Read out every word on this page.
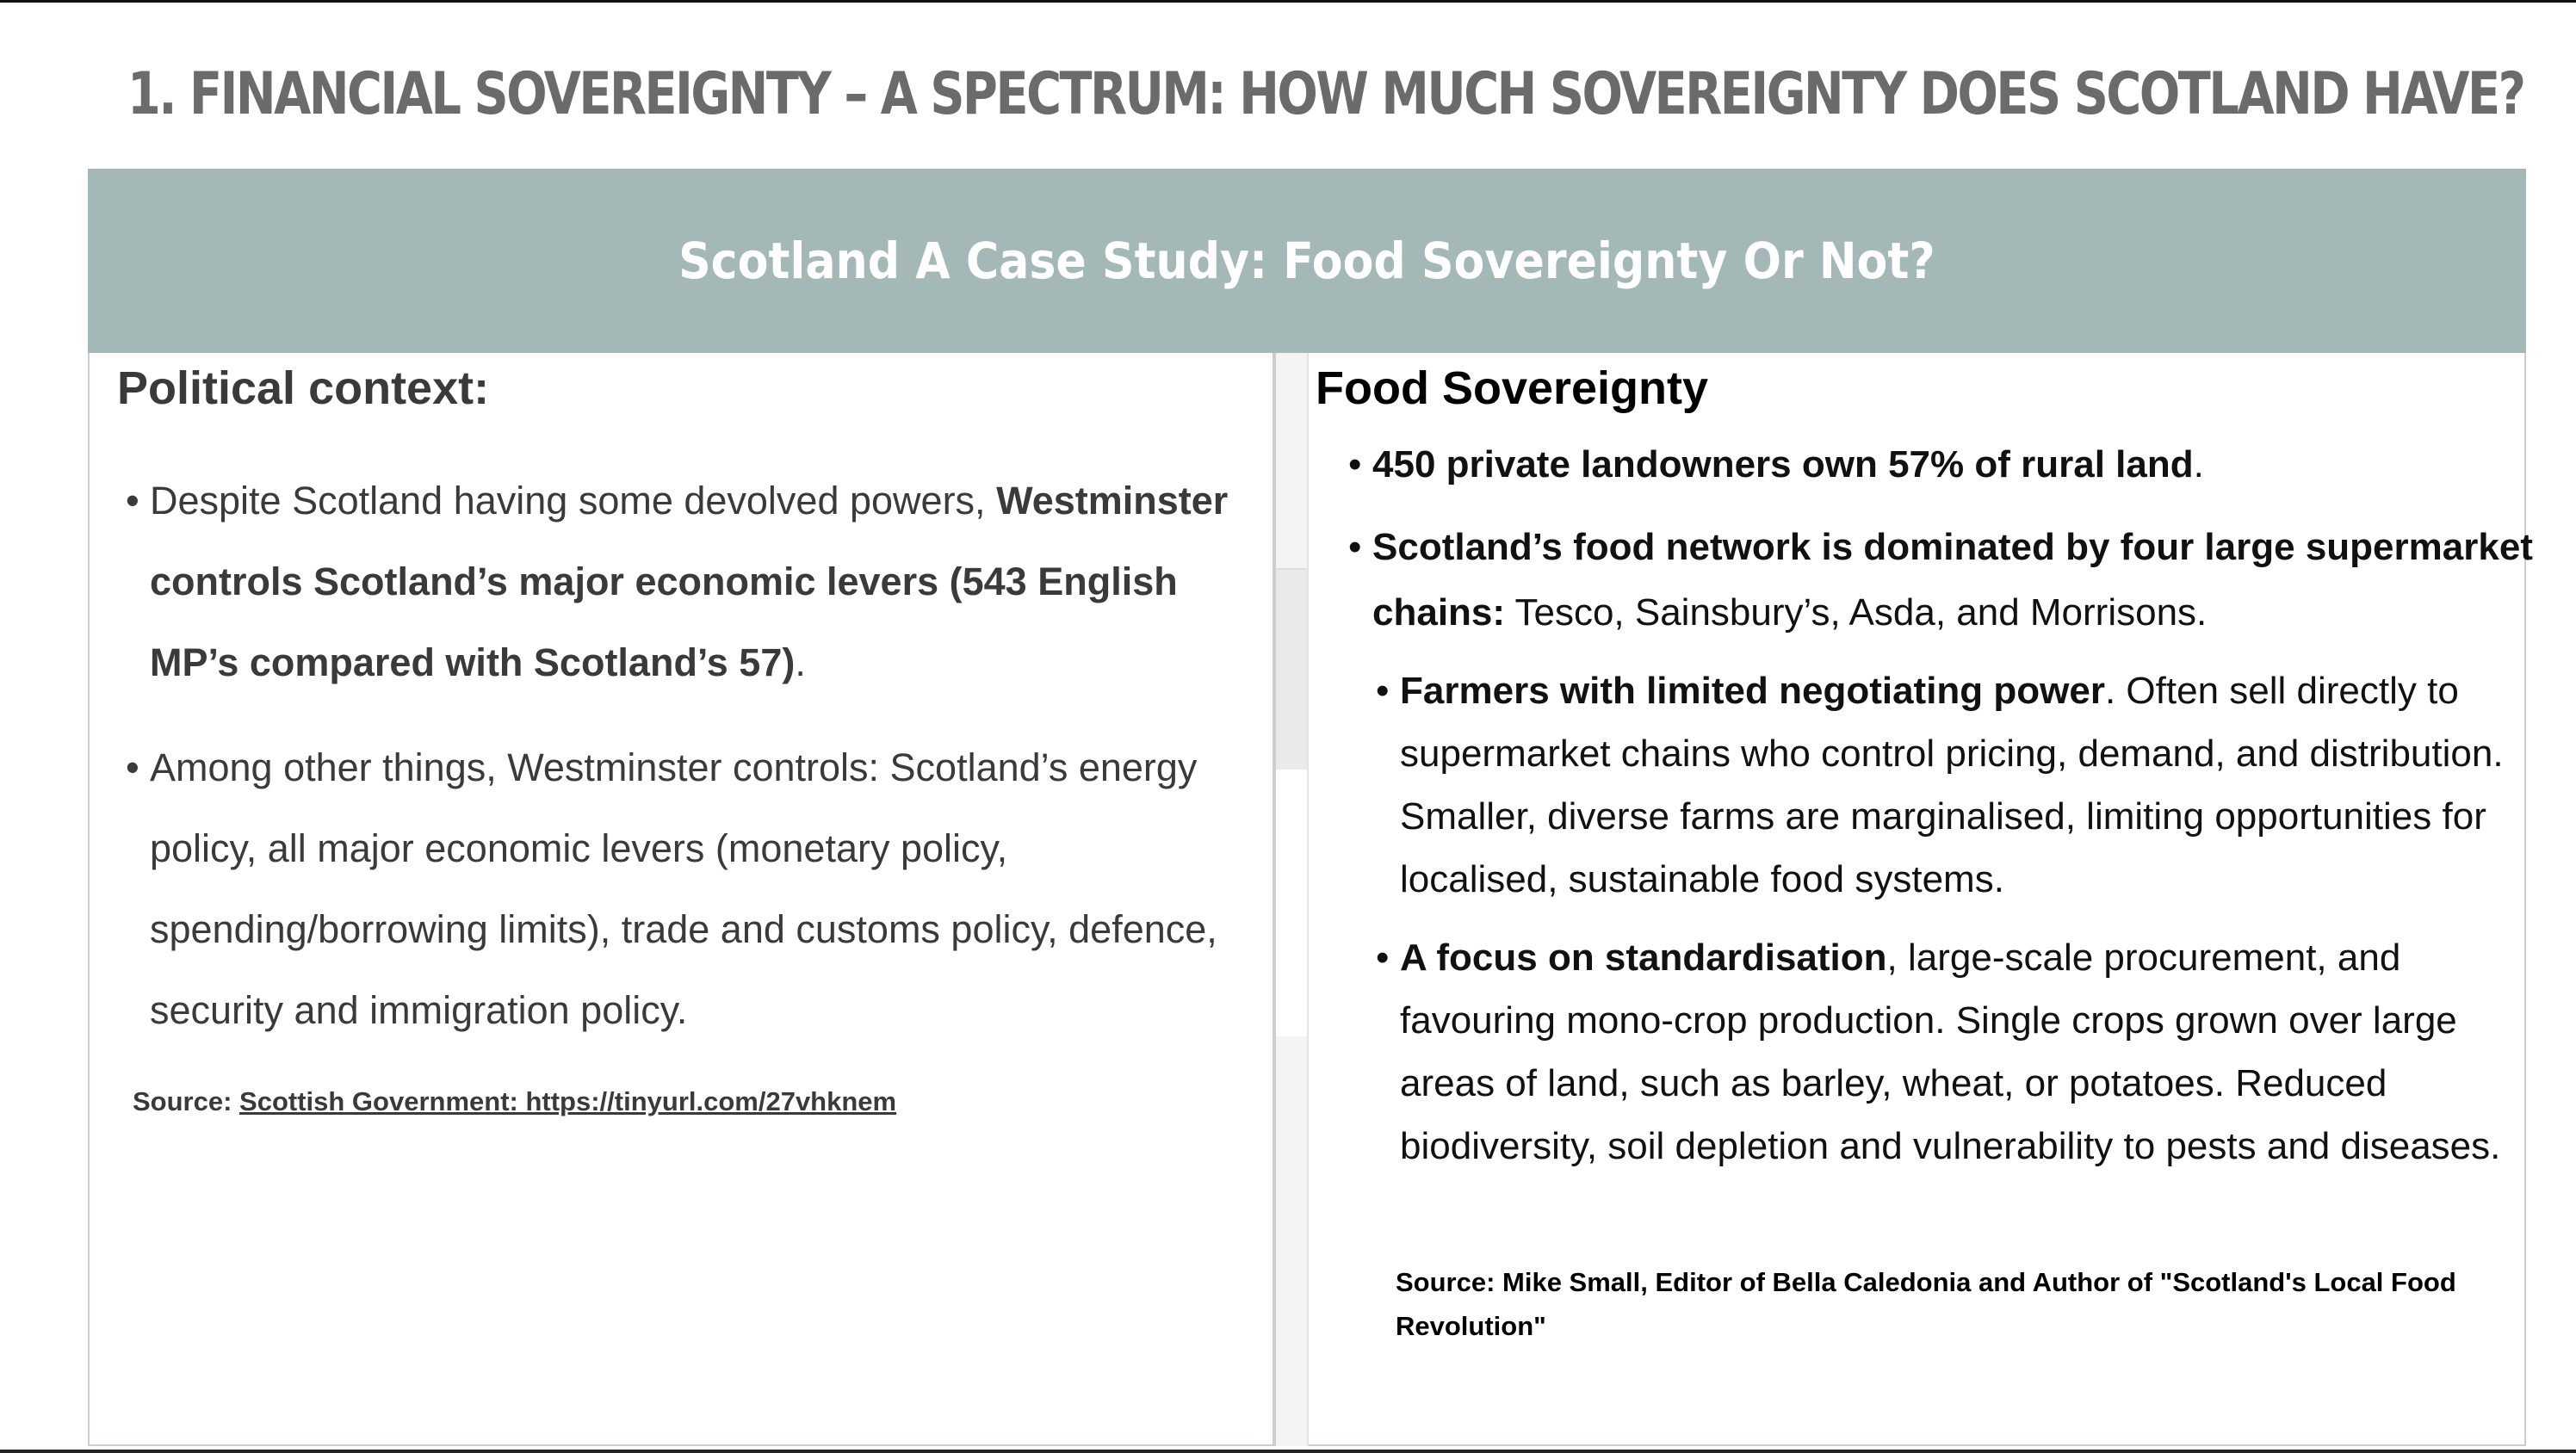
1. FINANCIAL SOVEREIGNTY – A SPECTRUM: HOW MUCH SOVEREIGNTY DOES SCOTLAND HAVE?
Scotland A Case Study: Food Sovereignty Or Not?
Political context:
• Despite Scotland having some devolved powers, Westminster controls Scotland’s major economic levers (543 English MP’s compared with Scotland’s 57).
• Among other things, Westminster controls: Scotland’s energy policy, all major economic levers (monetary policy, spending/borrowing limits), trade and customs policy, defence, security and immigration policy.
Source: Scottish Government: https://tinyurl.com/27vhknem
Food Sovereignty
• 450 private landowners own 57% of rural land.
• Scotland’s food network is dominated by four large supermarket chains: Tesco, Sainsbury’s, Asda, and Morrisons.
• Farmers with limited negotiating power. Often sell directly to supermarket chains who control pricing, demand, and distribution. Smaller, diverse farms are marginalised, limiting opportunities for localised, sustainable food systems.
• A focus on standardisation, large-scale procurement, and favouring mono-crop production. Single crops grown over large areas of land, such as barley, wheat, or potatoes. Reduced biodiversity, soil depletion and vulnerability to pests and diseases.
Source: Mike Small, Editor of Bella Caledonia and Author of "Scotland's Local Food Revolution"
